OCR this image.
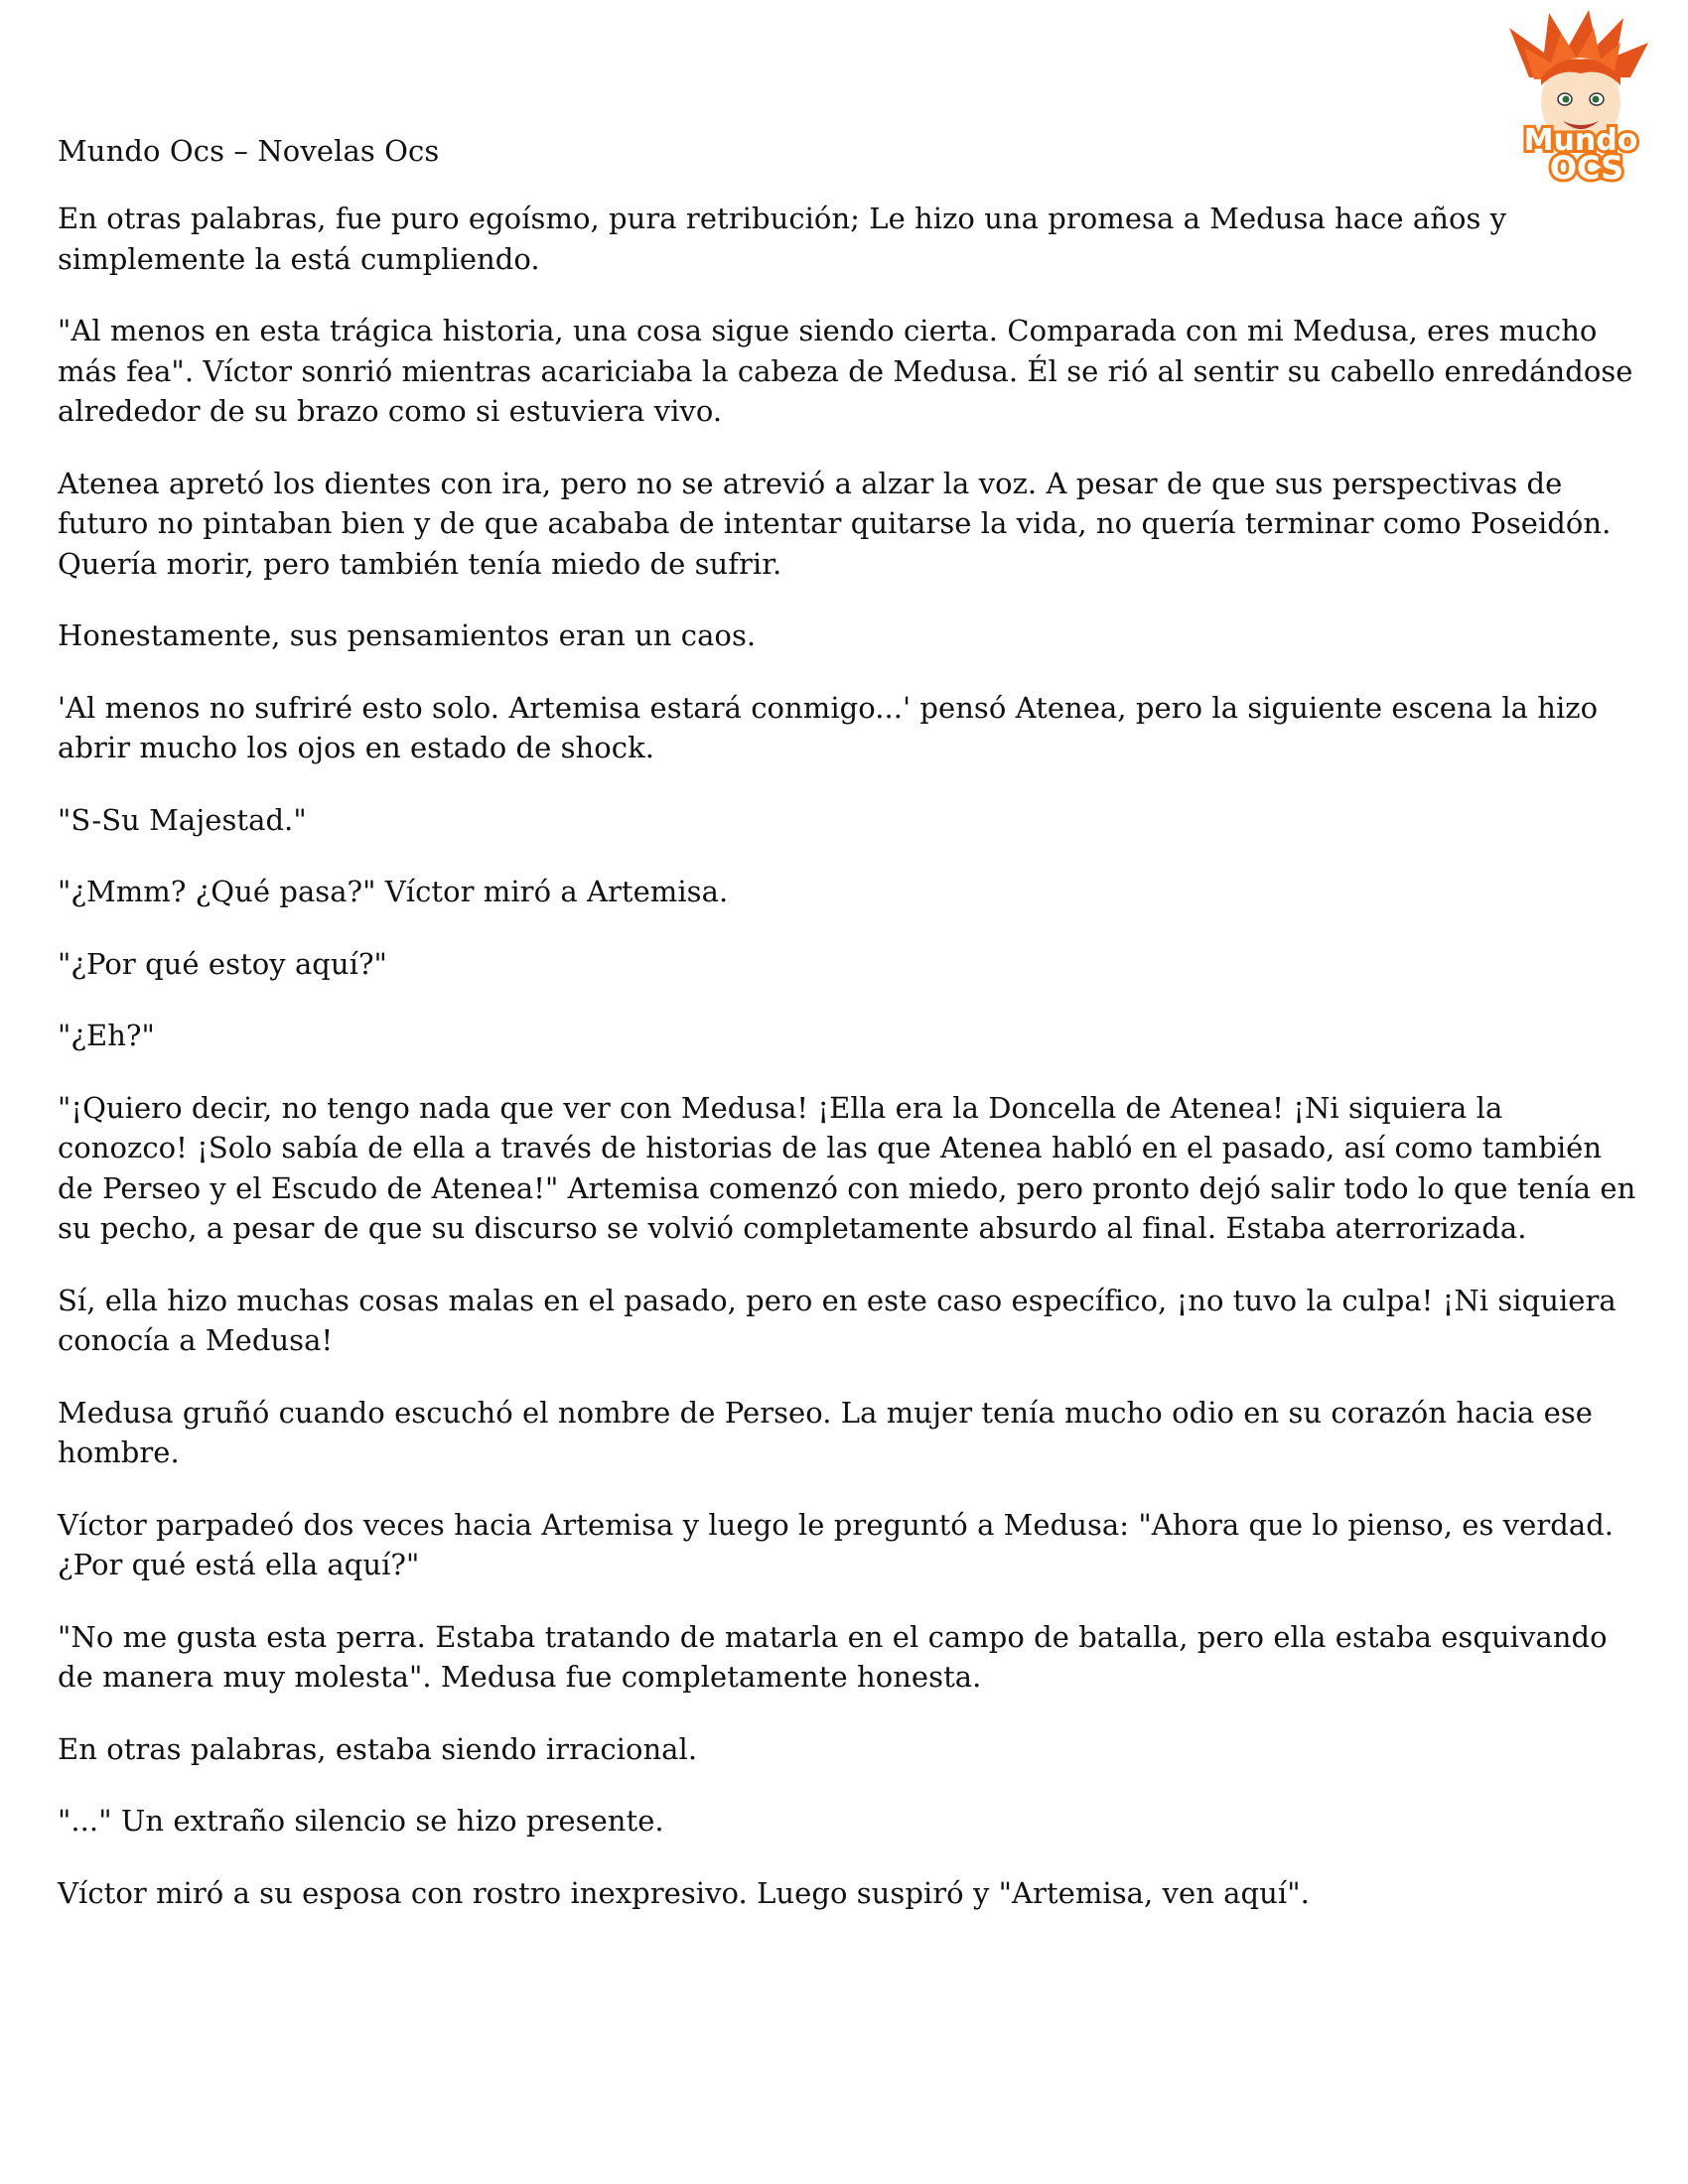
Mundo
OCS
Mundo Ocs – Novelas Ocs

En otras palabras, fue puro egoísmo, pura retribución; Le hizo una promesa a Medusa hace años y simplemente la está cumpliendo.

"Al menos en esta trágica historia, una cosa sigue siendo cierta. Comparada con mi Medusa, eres mucho más fea". Víctor sonrió mientras acariciaba la cabeza de Medusa. Él se rió al sentir su cabello enredándose alrededor de su brazo como si estuviera vivo.

Atenea apretó los dientes con ira, pero no se atrevió a alzar la voz. A pesar de que sus perspectivas de futuro no pintaban bien y de que acababa de intentar quitarse la vida, no quería terminar como Poseidón. Quería morir, pero también tenía miedo de sufrir.

Honestamente, sus pensamientos eran un caos.

'Al menos no sufriré esto solo. Artemisa estará conmigo...' pensó Atenea, pero la siguiente escena la hizo abrir mucho los ojos en estado de shock.

"S-Su Majestad."

"¿Mmm? ¿Qué pasa?" Víctor miró a Artemisa.

"¿Por qué estoy aquí?"

"¿Eh?"

"¡Quiero decir, no tengo nada que ver con Medusa! ¡Ella era la Doncella de Atenea! ¡Ni siquiera la conozco! ¡Solo sabía de ella a través de historias de las que Atenea habló en el pasado, así como también de Perseo y el Escudo de Atenea!" Artemisa comenzó con miedo, pero pronto dejó salir todo lo que tenía en su pecho, a pesar de que su discurso se volvió completamente absurdo al final. Estaba aterrorizada.

Sí, ella hizo muchas cosas malas en el pasado, pero en este caso específico, ¡no tuvo la culpa! ¡Ni siquiera conocía a Medusa!

Medusa gruñó cuando escuchó el nombre de Perseo. La mujer tenía mucho odio en su corazón hacia ese hombre.

Víctor parpadeó dos veces hacia Artemisa y luego le preguntó a Medusa: "Ahora que lo pienso, es verdad. ¿Por qué está ella aquí?"

"No me gusta esta perra. Estaba tratando de matarla en el campo de batalla, pero ella estaba esquivando de manera muy molesta". Medusa fue completamente honesta.

En otras palabras, estaba siendo irracional.

"..." Un extraño silencio se hizo presente.

Víctor miró a su esposa con rostro inexpresivo. Luego suspiró y "Artemisa, ven aquí".
